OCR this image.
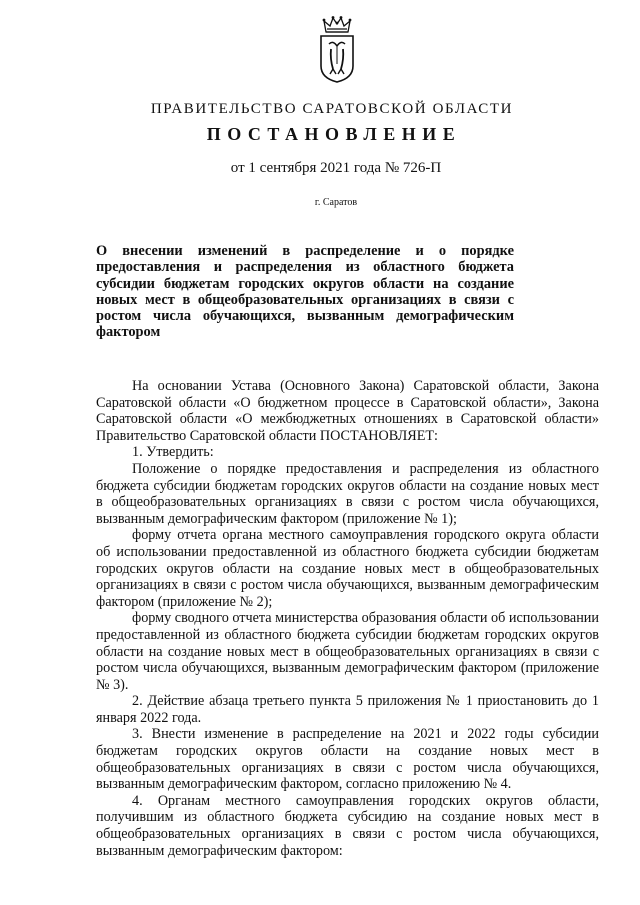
ПРАВИТЕЛЬСТВО САРАТОВСКОЙ ОБЛАСТИ
ПОСТАНОВЛЕНИЕ
от 1 сентября 2021 года № 726-П
г. Саратов

О внесении изменений в распределение и о порядке предоставления и распределения из областного бюджета субсидии бюджетам городских округов области на создание новых мест в общеобразовательных организациях в связи с ростом числа обучающихся, вызванным демографическим фактором

На основании Устава (Основного Закона) Саратовской области, Закона Саратовской области «О бюджетном процессе в Саратовской области», Закона Саратовской области «О межбюджетных отношениях в Саратовской области» Правительство Саратовской области ПОСТАНОВЛЯЕТ:

1. Утвердить:

Положение о порядке предоставления и распределения из областного бюджета субсидии бюджетам городских округов области на создание новых мест в общеобразовательных организациях в связи с ростом числа обучающихся, вызванным демографическим фактором (приложение № 1);

форму отчета органа местного самоуправления городского округа области об использовании предоставленной из областного бюджета субсидии бюджетам городских округов области на создание новых мест в общеобразовательных организациях в связи с ростом числа обучающихся, вызванным демографическим фактором (приложение № 2);

форму сводного отчета министерства образования области об использовании предоставленной из областного бюджета субсидии бюджетам городских округов области на создание новых мест в общеобразовательных организациях в связи с ростом числа обучающихся, вызванным демографическим фактором (приложение № 3).

2. Действие абзаца третьего пункта 5 приложения № 1 приостановить до 1 января 2022 года.

3. Внести изменение в распределение на 2021 и 2022 годы субсидии бюджетам городских округов области на создание новых мест в общеобразовательных организациях в связи с ростом числа обучающихся, вызванным демографическим фактором, согласно приложению № 4.

4. Органам местного самоуправления городских округов области, получившим из областного бюджета субсидию на создание новых мест в общеобразовательных организациях в связи с ростом числа обучающихся, вызванным демографическим фактором:
